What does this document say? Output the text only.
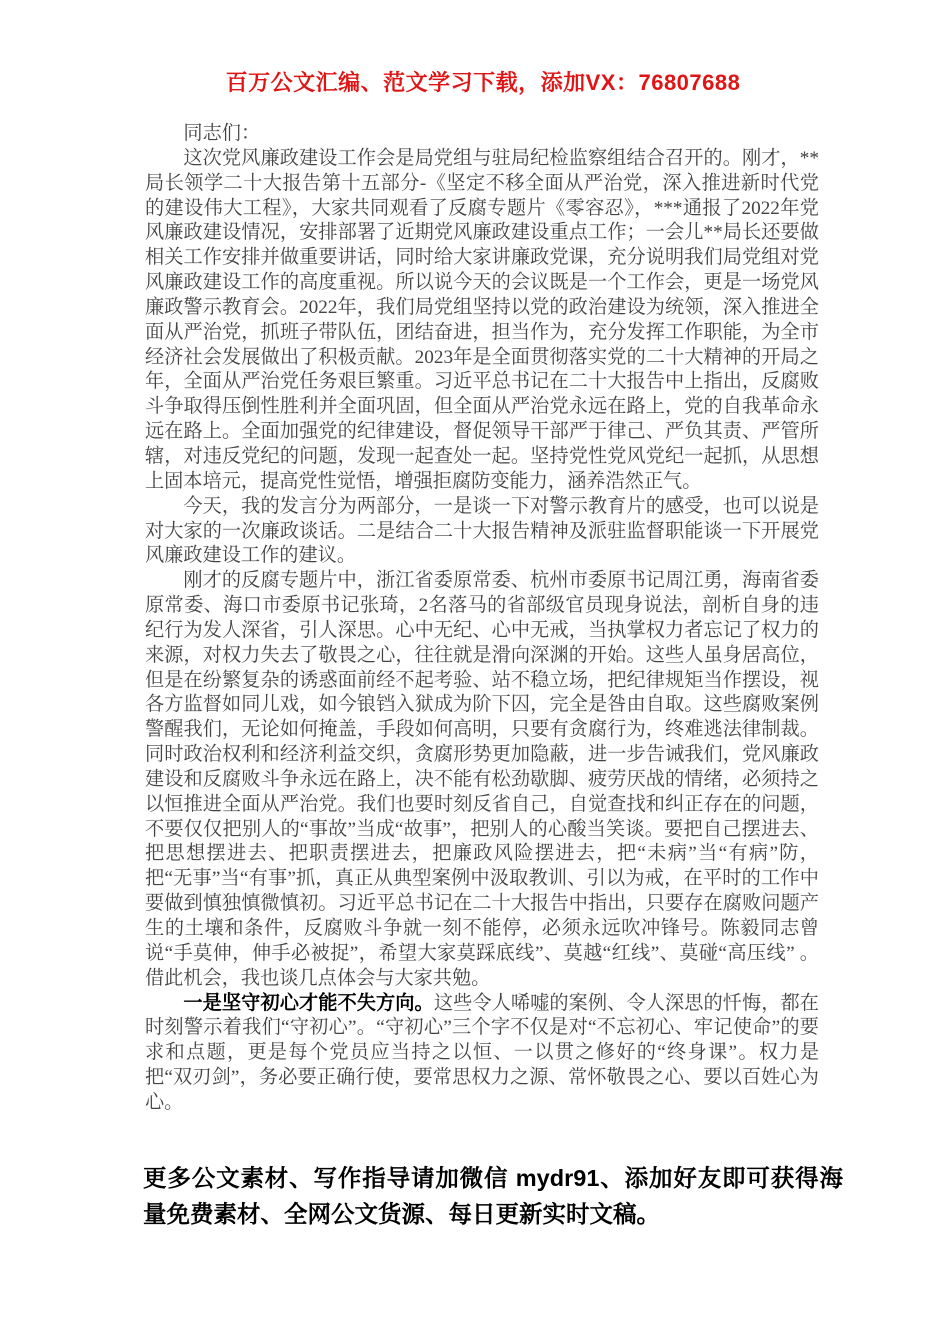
百万公文汇编、范文学习下载，添加VX：76807688

同志们：

这次党风廉政建设工作会是局党组与驻局纪检监察组结合召开的。刚才，**局长领学二十大报告第十五部分-《坚定不移全面从严治党，深入推进新时代党的建设伟大工程》，大家共同观看了反腐专题片《零容忍》，***通报了2022年党风廉政建设情况，安排部署了近期党风廉政建设重点工作；一会儿**局长还要做相关工作安排并做重要讲话，同时给大家讲廉政党课，充分说明我们局党组对党风廉政建设工作的高度重视。所以说今天的会议既是一个工作会，更是一场党风廉政警示教育会。2022年，我们局党组坚持以党的政治建设为统领，深入推进全面从严治党，抓班子带队伍，团结奋进，担当作为，充分发挥工作职能，为全市经济社会发展做出了积极贡献。2023年是全面贯彻落实党的二十大精神的开局之年，全面从严治党任务艰巨繁重。习近平总书记在二十大报告中上指出，反腐败斗争取得压倒性胜利并全面巩固，但全面从严治党永远在路上，党的自我革命永远在路上。全面加强党的纪律建设，督促领导干部严于律己、严负其责、严管所辖，对违反党纪的问题，发现一起查处一起。坚持党性党风党纪一起抓，从思想上固本培元，提高党性觉悟，增强拒腐防变能力，涵养浩然正气。

今天，我的发言分为两部分，一是谈一下对警示教育片的感受，也可以说是对大家的一次廉政谈话。二是结合二十大报告精神及派驻监督职能谈一下开展党风廉政建设工作的建议。

刚才的反腐专题片中，浙江省委原常委、杭州市委原书记周江勇，海南省委原常委、海口市委原书记张琦，2名落马的省部级官员现身说法，剖析自身的违纪行为发人深省，引人深思。心中无纪、心中无戒，当执掌权力者忘记了权力的来源，对权力失去了敬畏之心，往往就是滑向深渊的开始。这些人虽身居高位，但是在纷繁复杂的诱惑面前经不起考验、站不稳立场，把纪律规矩当作摆设，视各方监督如同儿戏，如今锒铛入狱成为阶下囚，完全是咎由自取。这些腐败案例警醒我们，无论如何掩盖，手段如何高明，只要有贪腐行为，终难逃法律制裁。同时政治权利和经济利益交织，贪腐形势更加隐蔽，进一步告诫我们，党风廉政建设和反腐败斗争永远在路上，决不能有松劲歇脚、疲劳厌战的情绪，必须持之以恒推进全面从严治党。我们也要时刻反省自己，自觉查找和纠正存在的问题，不要仅仅把别人的“事故”当成“故事”，把别人的心酸当笑谈。要把自己摆进去、把思想摆进去、把职责摆进去，把廉政风险摆进去，把“未病”当“有病”防，把“无事”当“有事”抓，真正从典型案例中汲取教训、引以为戒，在平时的工作中要做到慎独慎微慎初。习近平总书记在二十大报告中指出，只要存在腐败问题产生的土壤和条件，反腐败斗争就一刻不能停，必须永远吹冲锋号。陈毅同志曾说“手莫伸，伸手必被捉”，希望大家莫踩底线”、莫越“红线”、莫碰“高压线” 。借此机会，我也谈几点体会与大家共勉。

一是坚守初心才能不失方向。这些令人唏嘘的案例、令人深思的忏悔，都在时刻警示着我们“守初心”。“守初心”三个字不仅是对“不忘初心、牢记使命”的要求和点题，更是每个党员应当持之以恒、一以贯之修好的“终身课”。权力是把“双刃剑”，务必要正确行使，要常思权力之源、常怀敬畏之心、要以百姓心为心。

更多公文素材、写作指导请加微信 mydr91、添加好友即可获得海量免费素材、全网公文货源、每日更新实时文稿。
